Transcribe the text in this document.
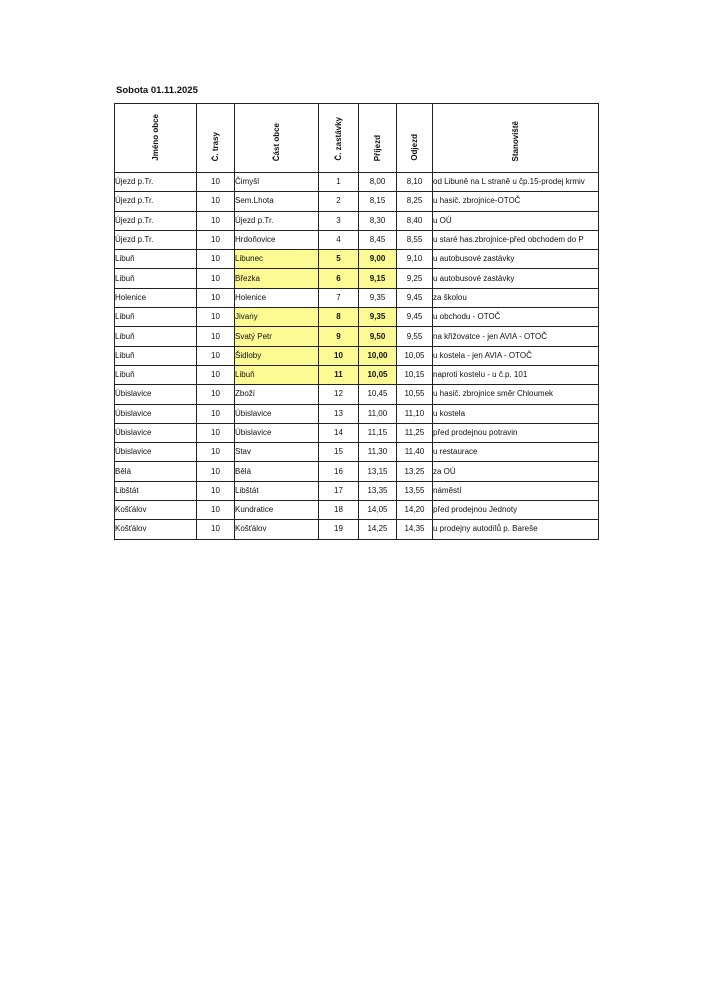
Sobota 01.11.2025
Jméno obce	Č. trasy	Část obce	Č. zastávky	Příjezd	Odjezd	Stanoviště
Újezd p.Tr.	10	Čimyšl	1	8,00	8,10	od Libuně na L straně u čp.15-prodej krmiv
Újezd p.Tr.	10	Sem.Lhota	2	8,15	8,25	u hasič. zbrojnice-OTOČ
Újezd p.Tr.	10	Újezd p.Tr.	3	8,30	8,40	u OÚ
Újezd p.Tr.	10	Hrdoňovice	4	8,45	8,55	u staré has.zbrojnice-před obchodem do P
Libuň	10	Libunec	5	9,00	9,10	u autobusové zastávky
Libuň	10	Březka	6	9,15	9,25	u autobusové zastávky
Holenice	10	Holenice	7	9,35	9,45	za školou
Libuň	10	Jivany	8	9,35	9,45	u obchodu - OTOČ
Libuň	10	Svatý Petr	9	9,50	9,55	na křižovatce - jen AVIA - OTOČ
Libuň	10	Šidloby	10	10,00	10,05	u kostela - jen AVIA - OTOČ
Libuň	10	Libuň	11	10,05	10,15	naproti kostelu - u č.p. 101
Úbislavice	10	Zboží	12	10,45	10,55	u hasič. zbrojnice směr Chloumek
Úbislavice	10	Úbislavice	13	11,00	11,10	u kostela
Úbislavice	10	Úbislavice	14	11,15	11,25	před prodejnou potravin
Úbislavice	10	Stav	15	11,30	11,40	u restaurace
Bělá	10	Bělá	16	13,15	13,25	za OÚ
Libštát	10	Libštát	17	13,35	13,55	náměstí
Košťálov	10	Kundratice	18	14,05	14,20	před prodejnou Jednoty
Košťálov	10	Košťálov	19	14,25	14,35	u prodejny autodílů p. Bareše
